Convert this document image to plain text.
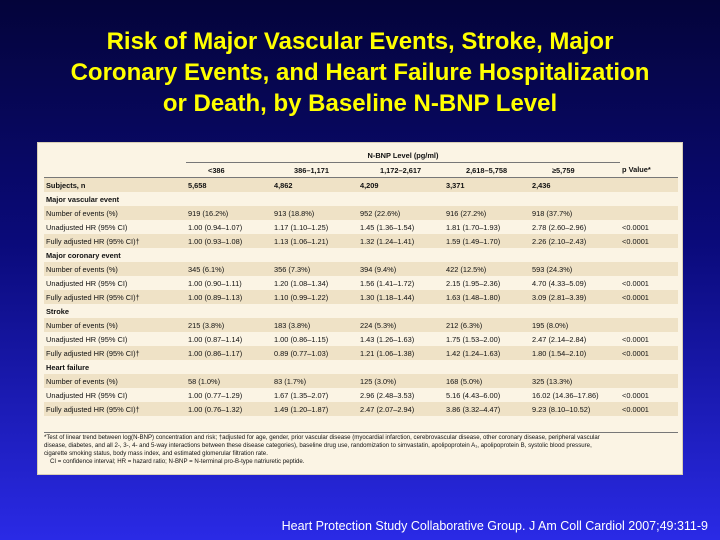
Risk of Major Vascular Events, Stroke, Major
Coronary Events, and Heart Failure Hospitalization
or Death, by Baseline N-BNP Level
	N-BNP Level (pg/ml)					
	<386	386–1,171	1,172–2,617	2,618–5,758	≥5,759	p Value*
Subjects, n	5,658	4,862	4,209	3,371	2,436	
Major vascular event						
Number of events (%)	919 (16.2%)	913 (18.8%)	952 (22.6%)	916 (27.2%)	918 (37.7%)	
Unadjusted HR (95% CI)	1.00 (0.94–1.07)	1.17 (1.10–1.25)	1.45 (1.36–1.54)	1.81 (1.70–1.93)	2.78 (2.60–2.96)	<0.0001
Fully adjusted HR (95% CI)†	1.00 (0.93–1.08)	1.13 (1.06–1.21)	1.32 (1.24–1.41)	1.59 (1.49–1.70)	2.26 (2.10–2.43)	<0.0001
Major coronary event						
Number of events (%)	345 (6.1%)	356 (7.3%)	394 (9.4%)	422 (12.5%)	593 (24.3%)	
Unadjusted HR (95% CI)	1.00 (0.90–1.11)	1.20 (1.08–1.34)	1.56 (1.41–1.72)	2.15 (1.95–2.36)	4.70 (4.33–5.09)	<0.0001
Fully adjusted HR (95% CI)†	1.00 (0.89–1.13)	1.10 (0.99–1.22)	1.30 (1.18–1.44)	1.63 (1.48–1.80)	3.09 (2.81–3.39)	<0.0001
Stroke						
Number of events (%)	215 (3.8%)	183 (3.8%)	224 (5.3%)	212 (6.3%)	195 (8.0%)	
Unadjusted HR (95% CI)	1.00 (0.87–1.14)	1.00 (0.86–1.15)	1.43 (1.26–1.63)	1.75 (1.53–2.00)	2.47 (2.14–2.84)	<0.0001
Fully adjusted HR (95% CI)†	1.00 (0.86–1.17)	0.89 (0.77–1.03)	1.21 (1.06–1.38)	1.42 (1.24–1.63)	1.80 (1.54–2.10)	<0.0001
Heart failure						
Number of events (%)	58 (1.0%)	83 (1.7%)	125 (3.0%)	168 (5.0%)	325 (13.3%)	
Unadjusted HR (95% CI)	1.00 (0.77–1.29)	1.67 (1.35–2.07)	2.96 (2.48–3.53)	5.16 (4.43–6.00)	16.02 (14.36–17.86)	<0.0001
Fully adjusted HR (95% CI)†	1.00 (0.76–1.32)	1.49 (1.20–1.87)	2.47 (2.07–2.94)	3.86 (3.32–4.47)	9.23 (8.10–10.52)	<0.0001
*Test of linear trend between log(N-BNP) concentration and risk; †adjusted for age, gender, prior vascular disease (myocardial infarction, cerebrovascular disease, other coronary disease, peripheral vascular
disease, diabetes, and all 2-, 3-, 4- and 5-way interactions between these disease categories), baseline drug use, randomization to simvastatin, apolipoprotein A₁, apolipoprotein B, systolic blood pressure,
cigarette smoking status, body mass index, and estimated glomerular filtration rate.
CI = confidence interval; HR = hazard ratio; N-BNP = N-terminal pro-B-type natriuretic peptide.
Heart Protection Study Collaborative Group. J Am Coll Cardiol 2007;49:311-9
